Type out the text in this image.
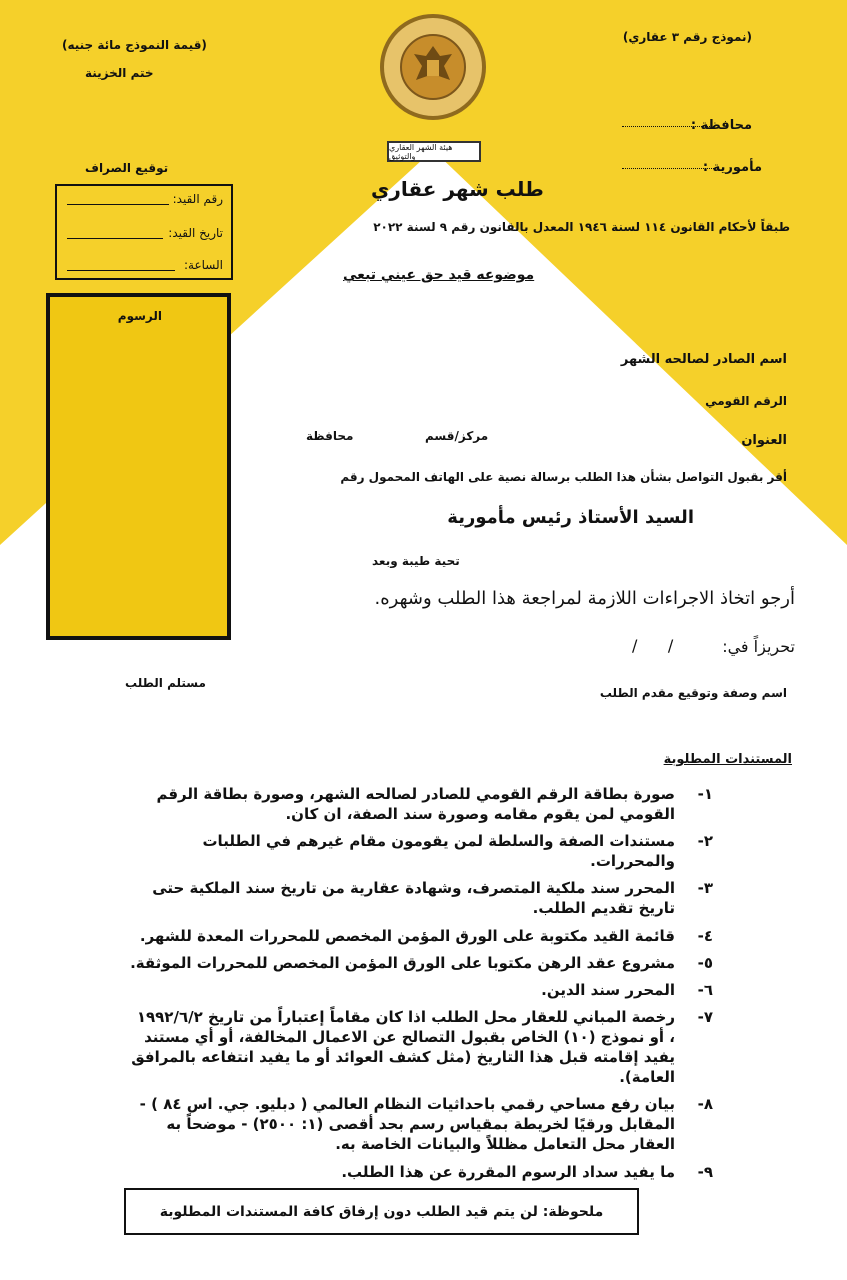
(نموذج رقم ٣ عقاري)
(قيمة النموذج مائة جنيه)
ختم الخزينة
هيئة الشهر العقاري والتوثيق
محافظة :
مأمورية :
توقيع الصراف
رقم القيد:
تاريخ القيد:
الساعة:
الرسوم
طلب شهر عقاري
طبقاً لأحكام القانون ١١٤ لسنة ١٩٤٦ المعدل بالقانون رقم ٩ لسنة ٢٠٢٢
موضوعه قيد حق عيني تبعي
اسم الصادر لصالحه الشهر
الرقم القومي
العنوان
مركز/قسم
محافظة
أقر بقبول التواصل بشأن هذا الطلب برسالة نصية على الهاتف المحمول رقم
السيد الأستاذ رئيس مأمورية
تحية طيبة وبعد
أرجو اتخاذ الاجراءات اللازمة لمراجعة هذا الطلب وشهره.
تحريزاً في:
/      /
اسم وصفة وتوقيع مقدم الطلب
مستلم الطلب
المستندات المطلوبة
١-
صورة بطاقة الرقم القومي للصادر لصالحه الشهر، وصورة بطاقة الرقم القومي لمن يقوم مقامه وصورة سند الصفة، ان كان.
٢-
مستندات الصفة والسلطة لمن يقومون مقام غيرهم في الطلبات والمحررات.
٣-
المحرر سند ملكية المتصرف، وشهادة عقارية من تاريخ سند الملكية حتى تاريخ تقديم الطلب.
٤-
قائمة القيد مكتوبة على الورق المؤمن المخصص للمحررات المعدة للشهر.
٥-
مشروع عقد الرهن مكتوبا على الورق المؤمن المخصص للمحررات الموثقة.
٦-
المحرر سند الدين.
٧-
رخصة المباني للعقار محل الطلب اذا كان مقاماً إعتباراً من تاريخ ١٩٩٢/٦/٢ ، أو نموذج (١٠) الخاص بقبول التصالح عن الاعمال المخالفة، أو أي مستند يفيد إقامته قبل هذا التاريخ (مثل كشف العوائد أو ما يفيد انتفاعه بالمرافق العامة).
٨-
بيان رفع مساحي رقمي باحداثيات النظام العالمي ( دبليو. جي. اس ٨٤ ) - المقابل ورقيًا لخريطة بمقياس رسم بحد أقصى (١: ٢٥٠٠) - موضحاً به العقار محل التعامل مظللاً والبيانات الخاصة به.
٩-
ما يفيد سداد الرسوم المقررة عن هذا الطلب.
ملحوظة: لن يتم قيد الطلب دون إرفاق كافة المستندات المطلوبة
